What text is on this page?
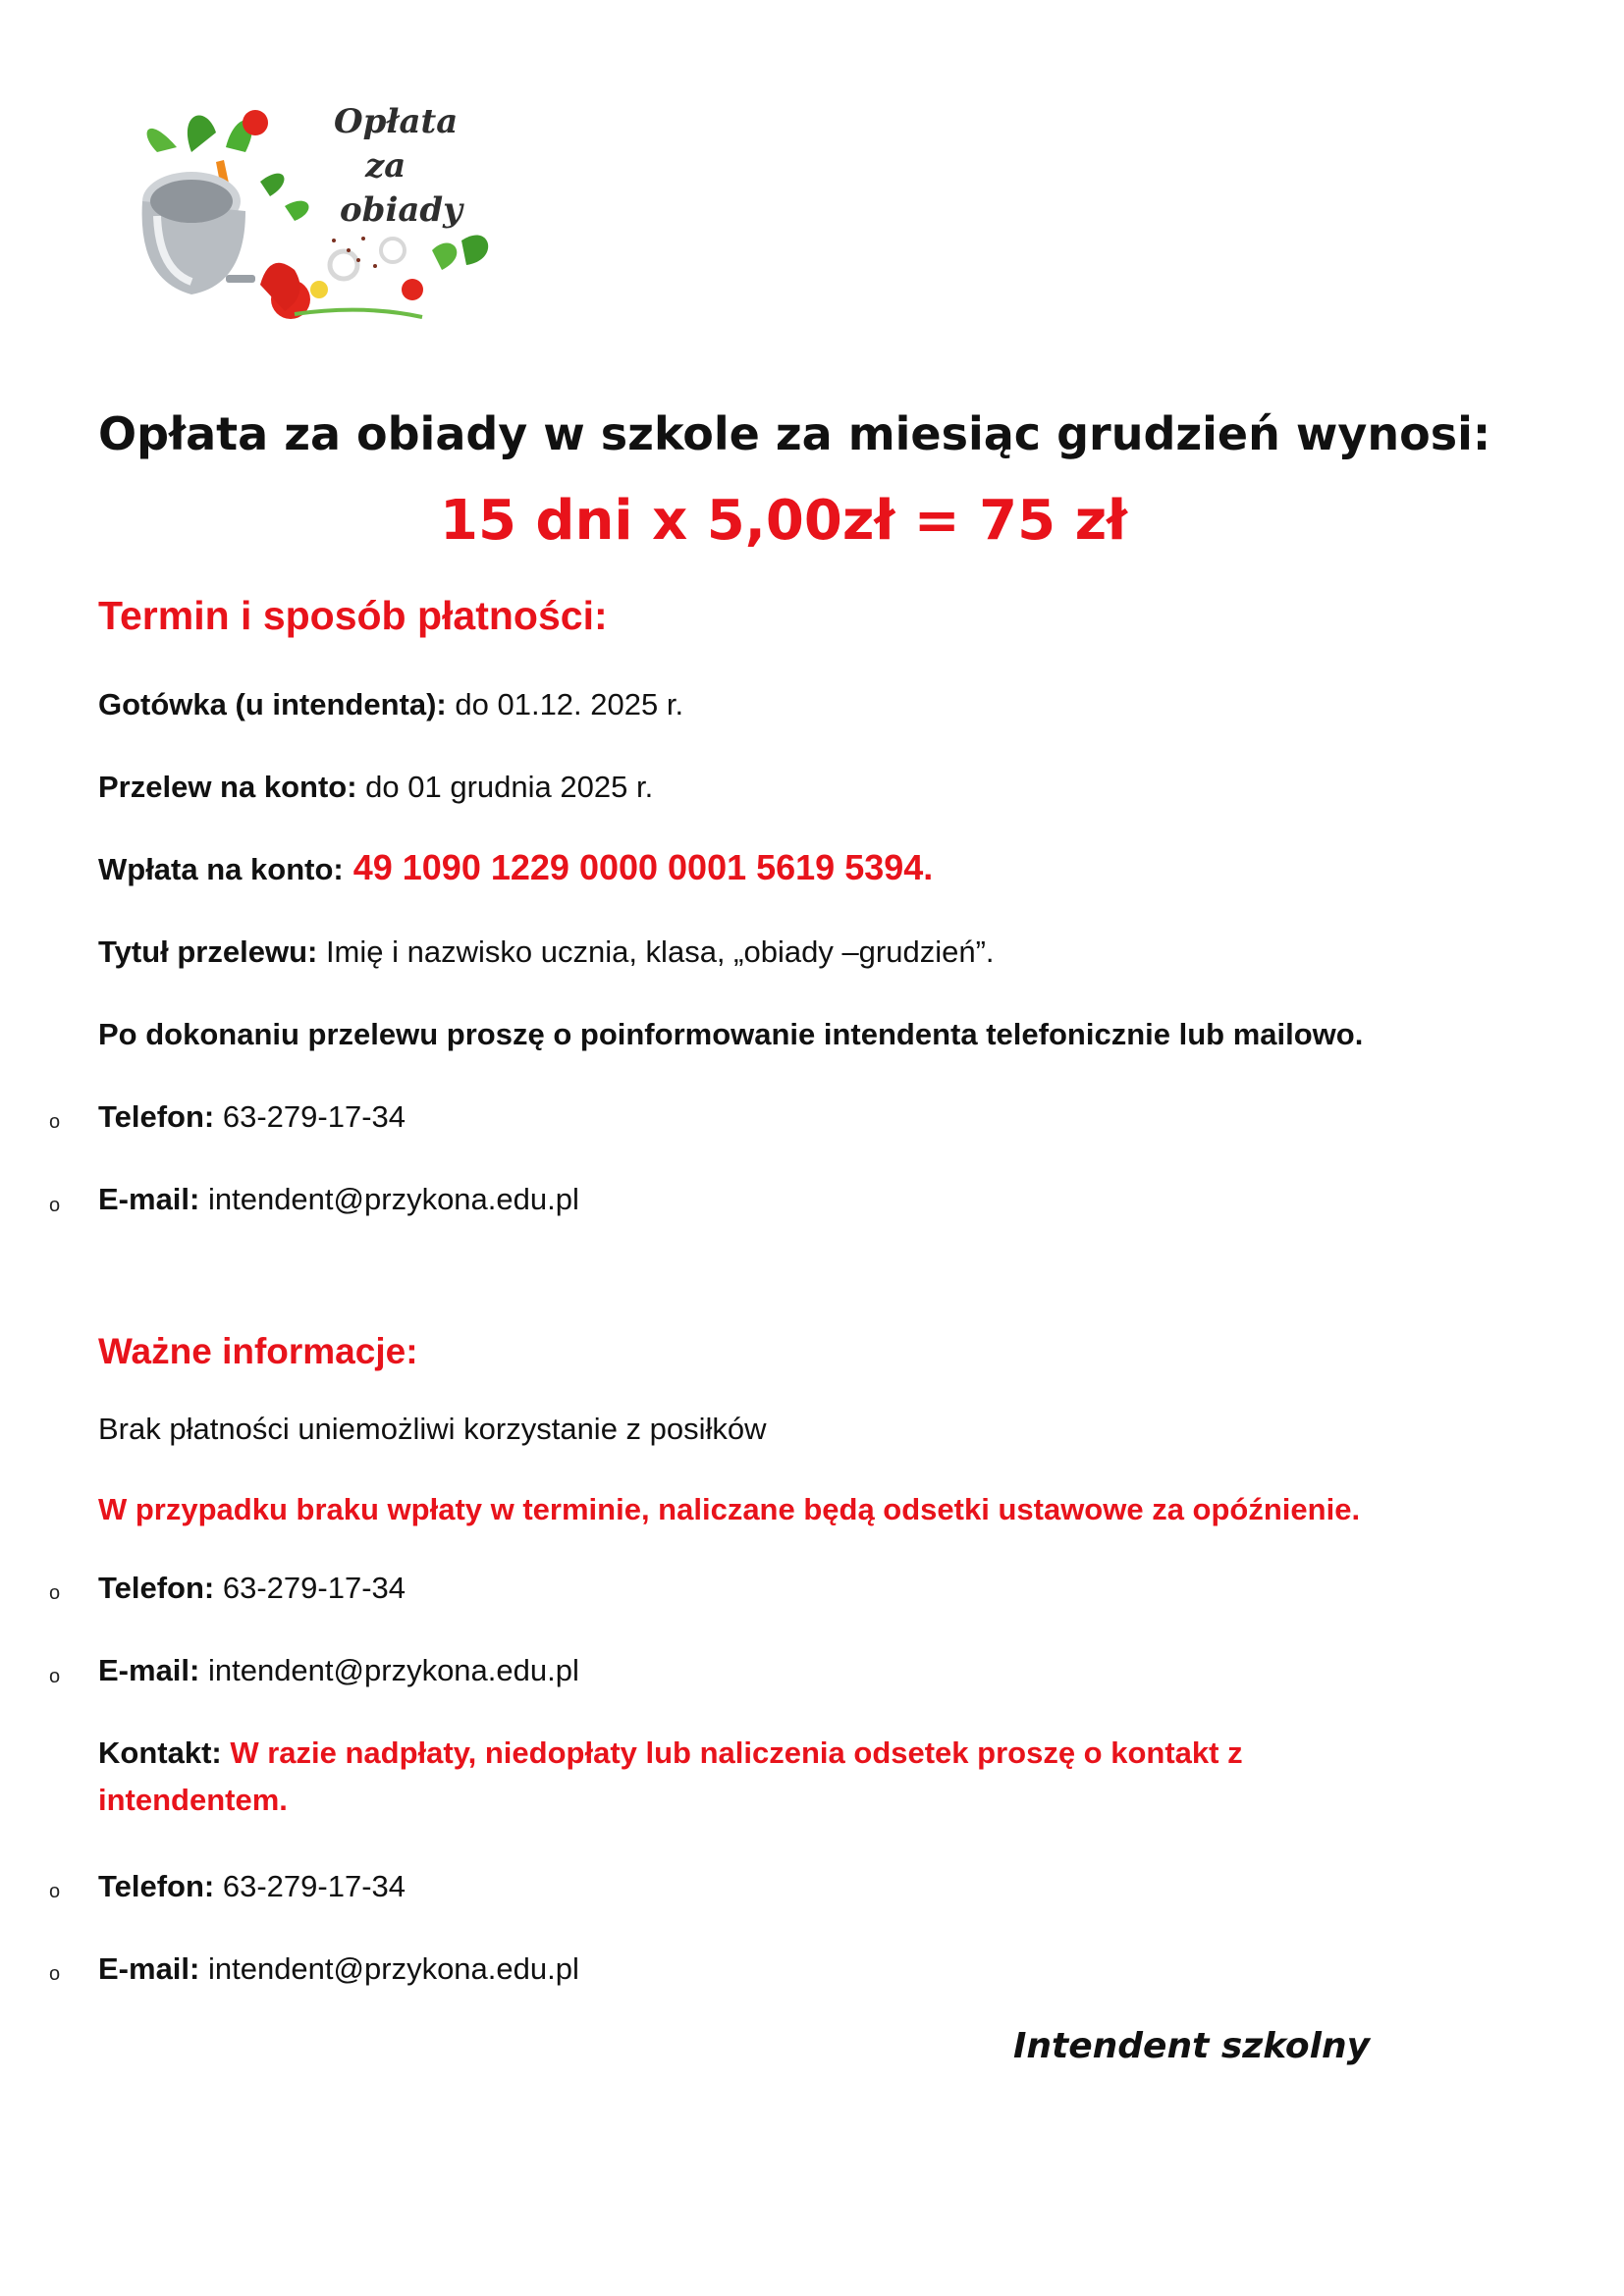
Opłata
za
obiady
Opłata za obiady w szkole za miesiąc grudzień wynosi:
15 dni x 5,00zł = 75 zł
Termin i sposób płatności:
Gotówka (u intendenta): do 01.12. 2025 r.
Przelew na konto: do 01 grudnia 2025 r.
Wpłata na konto: 49 1090 1229 0000 0001 5619 5394.
Tytuł przelewu: Imię i nazwisko ucznia, klasa, „obiady –grudzień”.
Po dokonaniu przelewu proszę o poinformowanie intendenta telefonicznie lub mailowo.
o Telefon: 63-279-17-34
o E-mail: intendent@przykona.edu.pl
Ważne informacje:
Brak płatności uniemożliwi korzystanie z posiłków
W przypadku braku wpłaty w terminie, naliczane będą odsetki ustawowe za opóźnienie.
o Telefon: 63-279-17-34
o E-mail: intendent@przykona.edu.pl
Kontakt: W razie nadpłaty, niedopłaty lub naliczenia odsetek proszę o kontakt z
intendentem.
o Telefon: 63-279-17-34
o E-mail: intendent@przykona.edu.pl
Intendent szkolny
